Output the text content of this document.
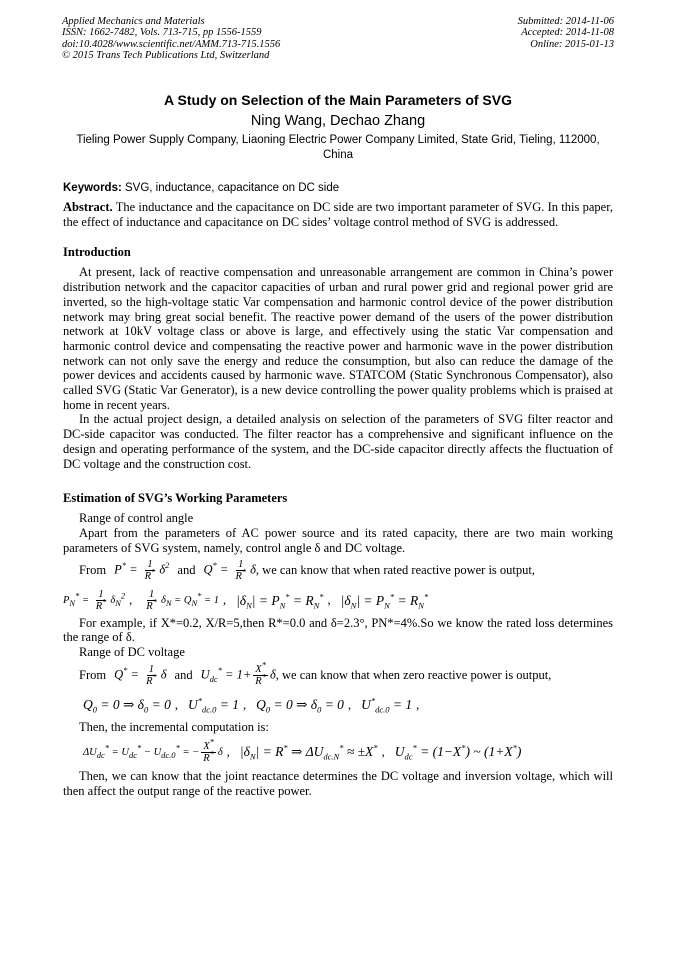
Applied Mechanics and Materials
ISSN: 1662-7482, Vols. 713-715, pp 1556-1559
doi:10.4028/www.scientific.net/AMM.713-715.1556
© 2015 Trans Tech Publications Ltd, Switzerland
Submitted: 2014-11-06
Accepted: 2014-11-08
Online: 2015-01-13
A Study on Selection of the Main Parameters of SVG
Ning Wang, Dechao Zhang
Tieling Power Supply Company, Liaoning Electric Power Company Limited, State Grid, Tieling, 112000, China
Keywords: SVG, inductance, capacitance on DC side

Abstract. The inductance and the capacitance on DC side are two important parameter of SVG. In this paper, the effect of inductance and capacitance on DC sides’ voltage control method of SVG is addressed.

Introduction

At present, lack of reactive compensation and unreasonable arrangement are common in China’s power distribution network and the capacitor capacities of urban and rural power grid and regional power grid are inverted, so the high-voltage static Var compensation and harmonic control device of the power distribution network may bring great social benefit. The reactive power demand of the users of the power distribution network at 10kV voltage class or above is large, and effectively using the static Var compensation and harmonic control device and compensating the reactive power and harmonic wave in the power distribution network can not only save the energy and reduce the consumption, but also can reduce the damage of the power devices and accidents caused by harmonic wave. STATCOM (Static Synchronous Compensator), also called SVG (Static Var Generator), is a new device controlling the power quality problems which is praised at home in recent years.

In the actual project design, a detailed analysis on selection of the parameters of SVG filter reactor and DC-side capacitor was conducted. The filter reactor has a comprehensive and significant influence on the design and operating performance of the system, and the DC-side capacitor directly affects the fluctuation of DC voltage and the construction cost.

Estimation of SVG’s Working Parameters
Range of control angle

Apart from the parameters of AC power source and its rated capacity, there are two main working parameters of SVG system, namely, control angle δ and DC voltage.

From $P^* = \frac{1}{R^*} \delta^2$ and $Q^* = \frac{1}{R^*}$ δ , we can know that when rated reactive power is output,
$P_N^* = \frac{1}{R^*} \delta_N^2$ , $\frac{1}{R^*} \delta_N = Q_N^* = 1$ , $|\delta_N| = P_N^* = R_N^*$ , $|\delta_N| = P_N^* = R_N^*$

For example, if X*=0.2, X/R=5,then R*=0.0 and δ=2.3°, PN*=4%.So we know the rated loss determines the range of δ.

Range of DC voltage
From $Q^* = \frac{1}{R^*}$ δ and $U_{dc}^* = 1+ \frac{X^*}{R^*}$ δ , we can know that when zero reactive power is output,
$Q_0 = 0$ ⇒ $\delta_0 = 0$ , $U^*_{dc.0} = 1$ , $Q_0 = 0$ ⇒ $\delta_0 = 0$ , $U^*_{dc.0} = 1$ ,
Then, the incremental computation is:
$\Delta U_{dc}^* = U_{dc}^* - U_{dc.0}^*$ = − $\frac{X^*}{R^*}$ δ , $|\delta_N| = R^*$ ⇒ $\Delta U_{dc.N}^* \approx \pm X^*$ , $U_{dc}^* = (1-X^*)$ ~ (1+X*)

Then, we can know that the joint reactance determines the DC voltage and inversion voltage, which will then affect the output range of the reactive power.
